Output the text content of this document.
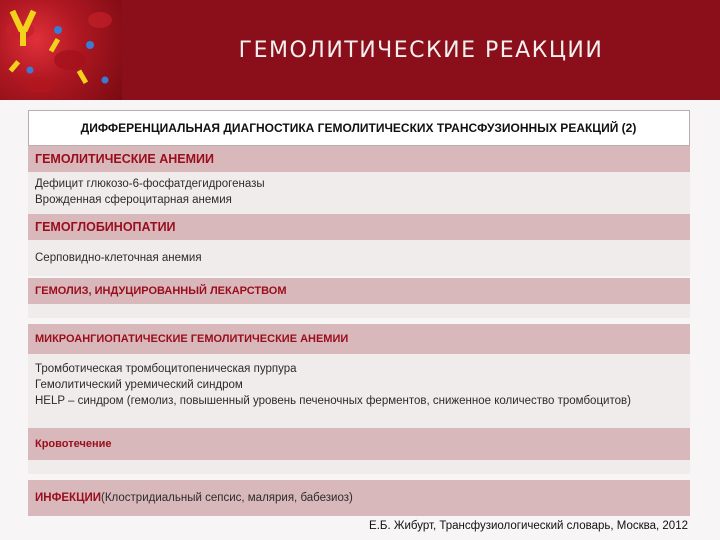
ГЕМОЛИТИЧЕСКИЕ РЕАКЦИИ
ДИФФЕРЕНЦИАЛЬНАЯ ДИАГНОСТИКА ГЕМОЛИТИЧЕСКИХ ТРАНСФУЗИОННЫХ РЕАКЦИЙ (2)
ГЕМОЛИТИЧЕСКИЕ АНЕМИИ
Дефицит глюкозо-6-фосфатдегидрогеназы
Врожденная сфероцитарная анемия
ГЕМОГЛОБИНОПАТИИ
Серповидно-клеточная анемия
ГЕМОЛИЗ, ИНДУЦИРОВАННЫЙ ЛЕКАРСТВОМ
МИКРОАНГИОПАТИЧЕСКИЕ ГЕМОЛИТИЧЕСКИЕ АНЕМИИ
Тромботическая тромбоцитопеническая пурпура
Гемолитический уремический синдром
HELP – синдром (гемолиз, повышенный уровень печеночных ферментов, сниженное количество тромбоцитов)
Кровотечение
ИНФЕКЦИИ (Клостридиальный сепсис, малярия, бабезиоз)
Е.Б. Жибурт, Трансфузиологический словарь, Москва, 2012
